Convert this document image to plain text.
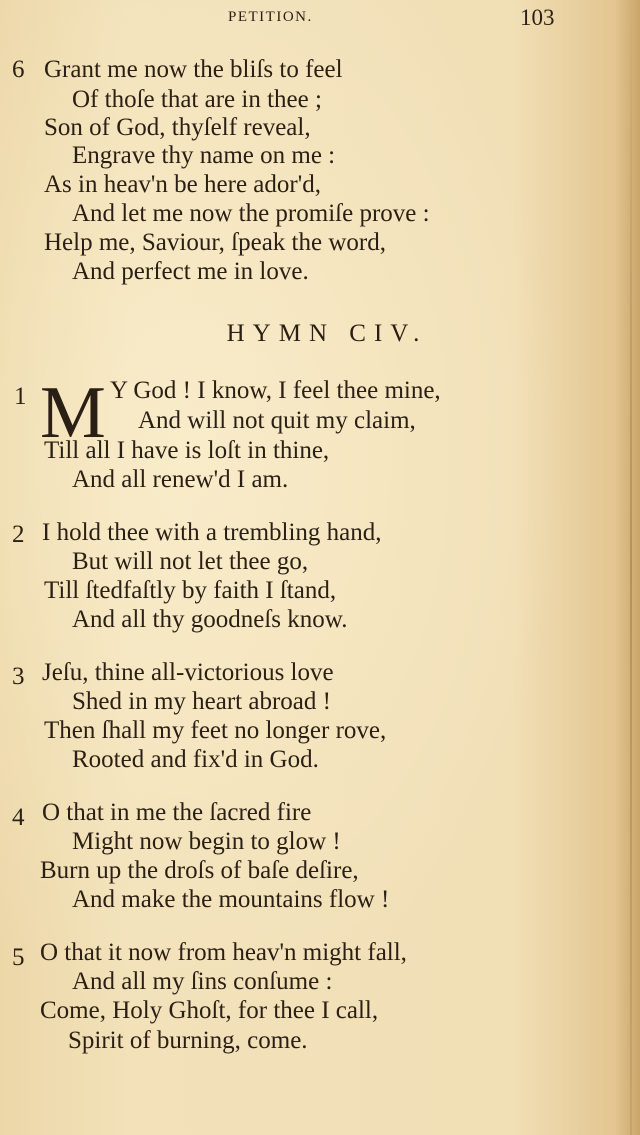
PETITION.	103
6 Grant me now the bliſs to feel
Of thoſe that are in thee ;
Son of God, thyſelf reveal,
Engrave thy name on me :
As in heav'n be here ador'd,
And let me now the promiſe prove :
Help me, Saviour, ſpeak the word,
And perfect me in love.
HYMN CIV.
1 M Y God ! I know, I feel thee mine,
And will not quit my claim,
Till all I have is loſt in thine,
And all renew'd I am.
2 I hold thee with a trembling hand,
But will not let thee go,
Till ſtedfaſtly by faith I ſtand,
And all thy goodneſs know.
3 Jeſu, thine all-victorious love
Shed in my heart abroad !
Then ſhall my feet no longer rove,
Rooted and fix'd in God.
4 O that in me the ſacred fire
Might now begin to glow !
Burn up the droſs of baſe deſire,
And make the mountains flow !
5 O that it now from heav'n might fall,
And all my ſins conſume :
Come, Holy Ghoſt, for thee I call,
Spirit of burning, come.
